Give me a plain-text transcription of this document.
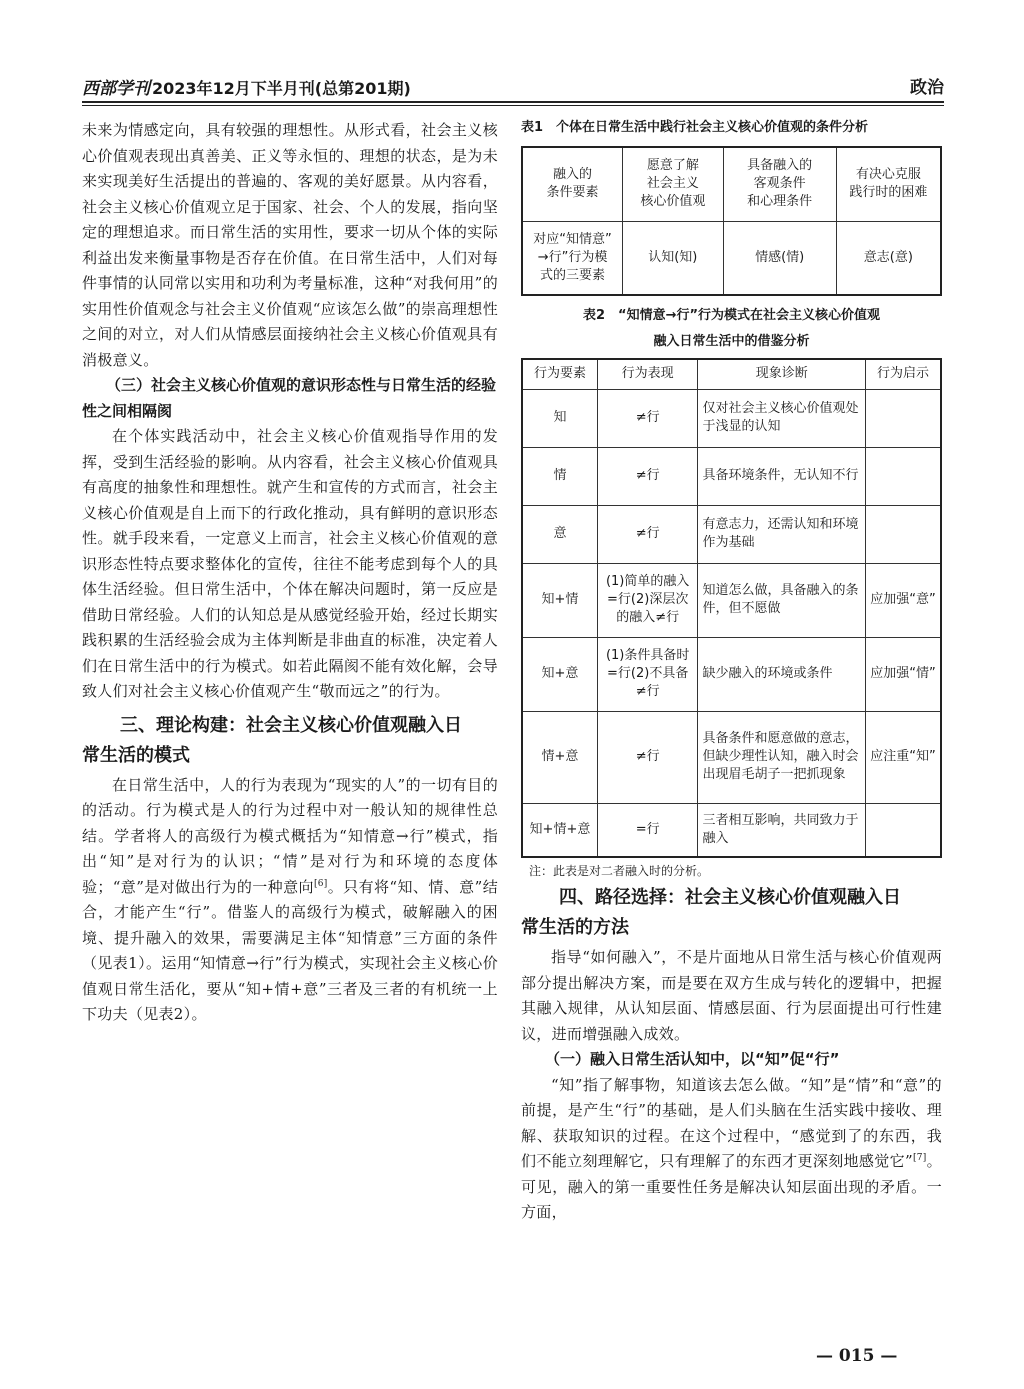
西部学刊 2023年12月下半月刊(总第201期)	政治

未来为情感定向，具有较强的理想性。从形式看，社会主义核心价值观表现出真善美、正义等永恒的、理想的状态，是为未来实现美好生活提出的普遍的、客观的美好愿景。从内容看，社会主义核心价值观立足于国家、社会、个人的发展，指向坚定的理想追求。而日常生活的实用性，要求一切从个体的实际利益出发来衡量事物是否存在价值。在日常生活中，人们对每件事情的认同常以实用和功利为考量标准，这种“对我何用”的实用性价值观念与社会主义价值观“应该怎么做”的崇高理想性之间的对立，对人们从情感层面接纳社会主义核心价值观具有消极意义。

（三）社会主义核心价值观的意识形态性与日常生活的经验性之间相隔阂

在个体实践活动中，社会主义核心价值观指导作用的发挥，受到生活经验的影响。从内容看，社会主义核心价值观具有高度的抽象性和理想性。就产生和宣传的方式而言，社会主义核心价值观是自上而下的行政化推动，具有鲜明的意识形态性。就手段来看，一定意义上而言，社会主义核心价值观的意识形态性特点要求整体化的宣传，往往不能考虑到每个人的具体生活经验。但日常生活中，个体在解决问题时，第一反应是借助日常经验。人们的认知总是从感觉经验开始，经过长期实践积累的生活经验会成为主体判断是非曲直的标准，决定着人们在日常生活中的行为模式。如若此隔阂不能有效化解，会导致人们对社会主义核心价值观产生“敬而远之”的行为。

三、理论构建：社会主义核心价值观融入日
常生活的模式

在日常生活中，人的行为表现为“现实的人”的一切有目的的活动。行为模式是人的行为过程中对一般认知的规律性总结。学者将人的高级行为模式概括为“知情意→行”模式，指出“知”是对行为的认识；“情”是对行为和环境的态度体验；“意”是对做出行为的一种意向[6]。只有将“知、情、意”结合，才能产生“行”。借鉴人的高级行为模式，破解融入的困境、提升融入的效果，需要满足主体“知情意”三方面的条件（见表1）。运用“知情意→行”行为模式，实现社会主义核心价值观日常生活化，要从“知+情+意”三者及三者的有机统一上下功夫（见表2）。

表1　个体在日常生活中践行社会主义核心价值观的条件分析

融入的
条件要素	愿意了解
社会主义
核心价值观	具备融入的
客观条件
和心理条件	有决心克服
践行时的困难
对应“知情意”
→行”行为模
式的三要素	认知(知)	情感(情)	意志(意)

表2　“知情意→行”行为模式在社会主义核心价值观

融入日常生活中的借鉴分析

行为要素	行为表现	现象诊断	行为启示
知	≠行	仅对社会主义核心价值观处于浅显的认知	
情	≠行	具备环境条件，无认知不行	
意	≠行	有意志力，还需认知和环境作为基础	
知+情	(1)简单的融入=行(2)深层次的融入≠行	知道怎么做，具备融入的条件，但不愿做	应加强“意”
知+意	(1)条件具备时=行(2)不具备≠行	缺少融入的环境或条件	应加强“情”
情+意	≠行	具备条件和愿意做的意志，但缺少理性认知，融入时会出现眉毛胡子一把抓现象	应注重“知”
知+情+意	=行	三者相互影响，共同致力于融入	

注：此表是对二者融入时的分析。

四、路径选择：社会主义核心价值观融入日
常生活的方法

指导“如何融入”，不是片面地从日常生活与核心价值观两部分提出解决方案，而是要在双方生成与转化的逻辑中，把握其融入规律，从认知层面、情感层面、行为层面提出可行性建议，进而增强融入成效。

（一）融入日常生活认知中，以“知”促“行”

“知”指了解事物，知道该去怎么做。“知”是“情”和“意”的前提，是产生“行”的基础，是人们头脑在生活实践中接收、理解、获取知识的过程。在这个过程中，“感觉到了的东西，我们不能立刻理解它，只有理解了的东西才更深刻地感觉它”[7]。可见，融入的第一重要性任务是解决认知层面出现的矛盾。一方面，

— 015 —
